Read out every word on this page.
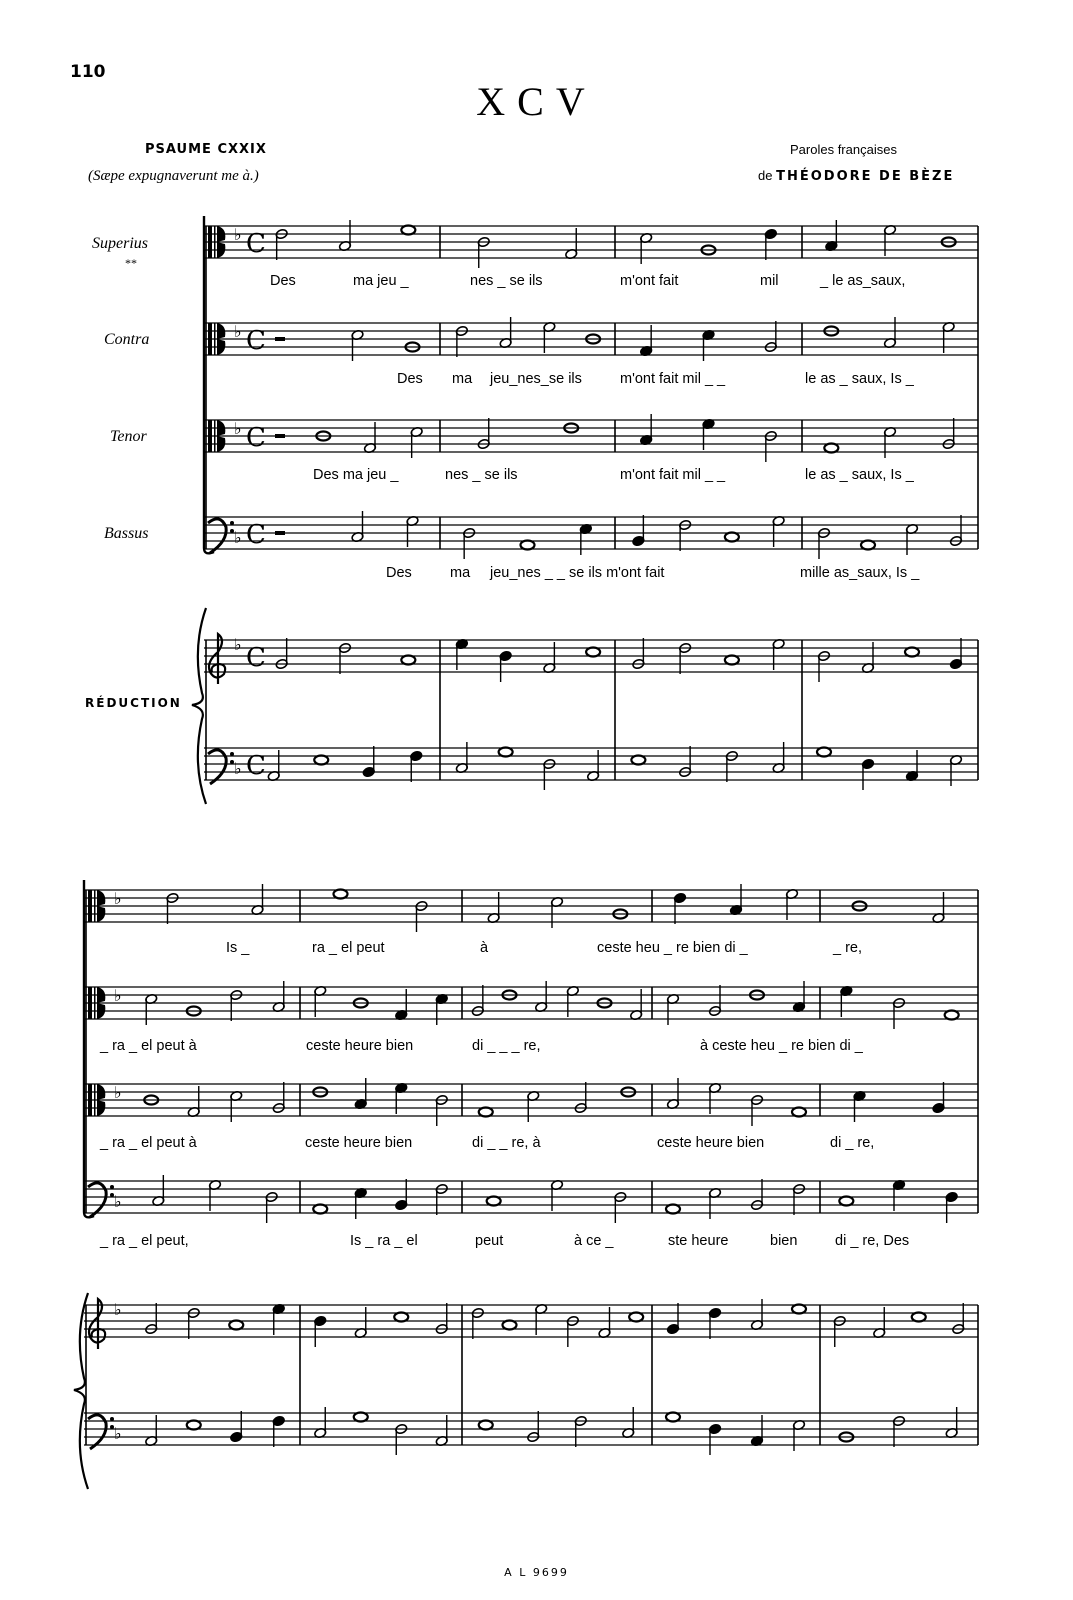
110
XCV
PSAUME CXXIX
(Sæpe expugnaverunt me à.)
Paroles françaises
de THÉODORE DE BÈZE
Superius
**
Contra
Tenor
Bassus
RÉDUCTION
♭ C
♭ C
♭ C
♭ C
♭ C
♭ C
♭
♭
♭
♭
♭
♭
Des	ma jeu _	nes _ se ils	m'ont fait	mil	_ le as_saux,
Des ma jeu_nes_se ils	m'ont fait mil _ _	le as _ saux, Is _
Des ma jeu _	nes _ se ils	m'ont fait mil _ _	le as _ saux, Is _
Des	ma jeu_nes _ _ se ils m'ont fait	mille as_saux, Is _
Is _	ra _ el peut	à	ceste heu _ re bien di _	_ re,
_ ra _ el peut à	ceste heure bien	di _ _ _ re,	à ceste heu _ re bien di _
_ ra _ el peut à	ceste heure bien	di _ _ re, à	ceste heure bien	di _ re,
_ ra _ el peut,	Is _ ra _ el	peut	à ce _	ste heure	bien	di _ re, Des
A L 9699
